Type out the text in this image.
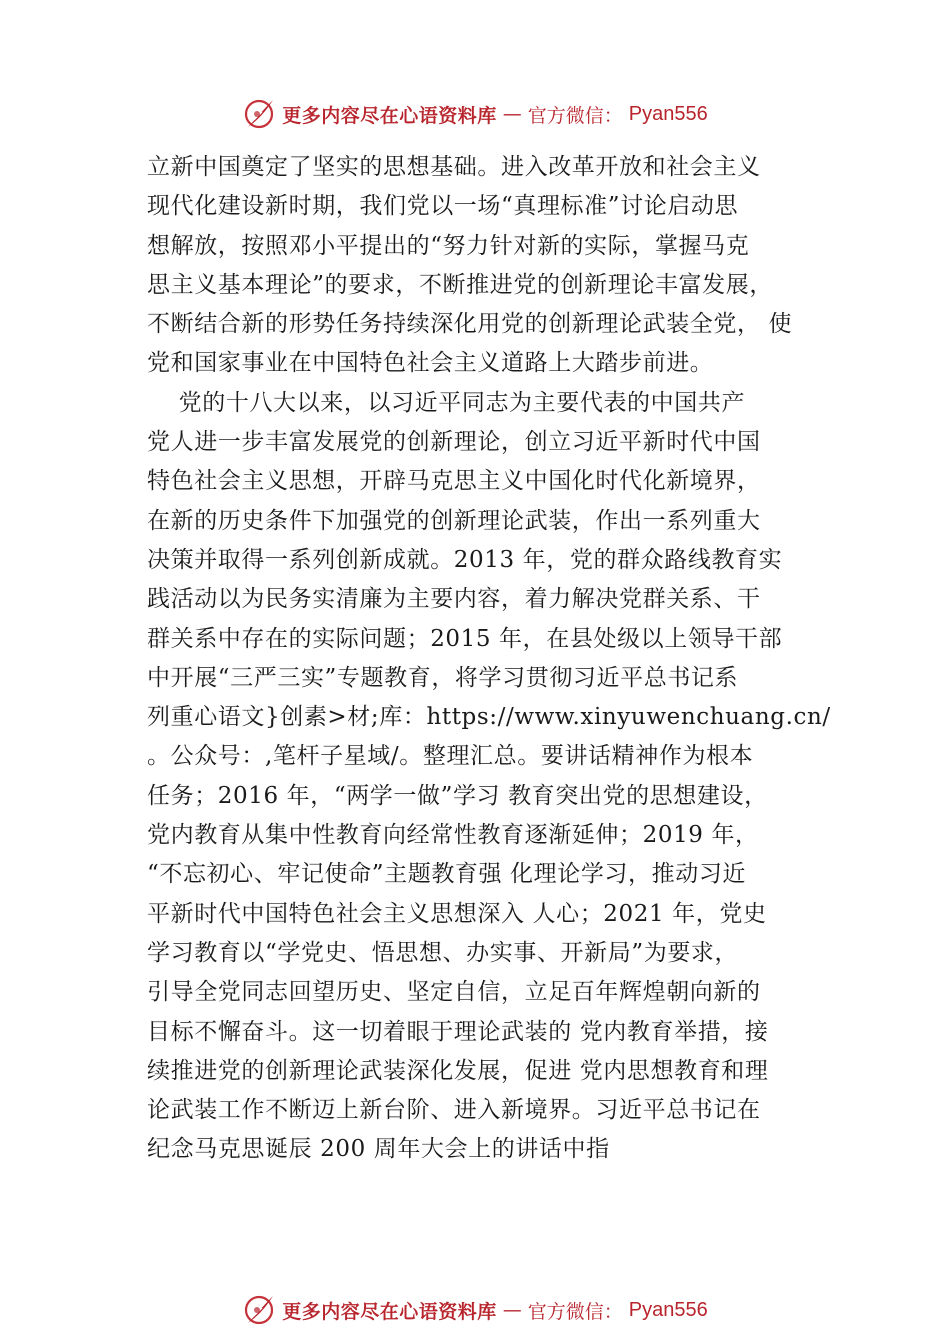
更多内容尽在心语资料库 — 官方微信： Pyan556
立新中国奠定了坚实的思想基础。进入改革开放和社会主义
现代化建设新时期，我们党以一场“真理标准”讨论启动思
想解放，按照邓小平提出的“努力针对新的实际，掌握马克
思主义基本理论”的要求，不断推进党的创新理论丰富发展，
不断结合新的形势任务持续深化用党的创新理论武装全党， 使
党和国家事业在中国特色社会主义道路上大踏步前进。
党的十八大以来，以习近平同志为主要代表的中国共产
党人进一步丰富发展党的创新理论，创立习近平新时代中国
特色社会主义思想，开辟马克思主义中国化时代化新境界，
在新的历史条件下加强党的创新理论武装，作出一系列重大
决策并取得一系列创新成就。2013 年，党的群众路线教育实
践活动以为民务实清廉为主要内容，着力解决党群关系、干
群关系中存在的实际问题；2015 年，在县处级以上领导干部
中开展“三严三实”专题教育，将学习贯彻习近平总书记系
列重心语文}创素>材;库：https://www.xinyuwenchuang.cn/
。公众号：,笔杆子星域/。整理汇总。要讲话精神作为根本
任务；2016 年，“两学一做”学习 教育突出党的思想建设，
党内教育从集中性教育向经常性教育逐渐延伸；2019 年，
“不忘初心、牢记使命”主题教育强 化理论学习，推动习近
平新时代中国特色社会主义思想深入 人心；2021 年，党史
学习教育以“学党史、悟思想、办实事、开新局”为要求，
引导全党同志回望历史、坚定自信，立足百年辉煌朝向新的
目标不懈奋斗。这一切着眼于理论武装的 党内教育举措，接
续推进党的创新理论武装深化发展，促进 党内思想教育和理
论武装工作不断迈上新台阶、进入新境界。习近平总书记在
纪念马克思诞辰 200 周年大会上的讲话中指
更多内容尽在心语资料库 — 官方微信： Pyan556
